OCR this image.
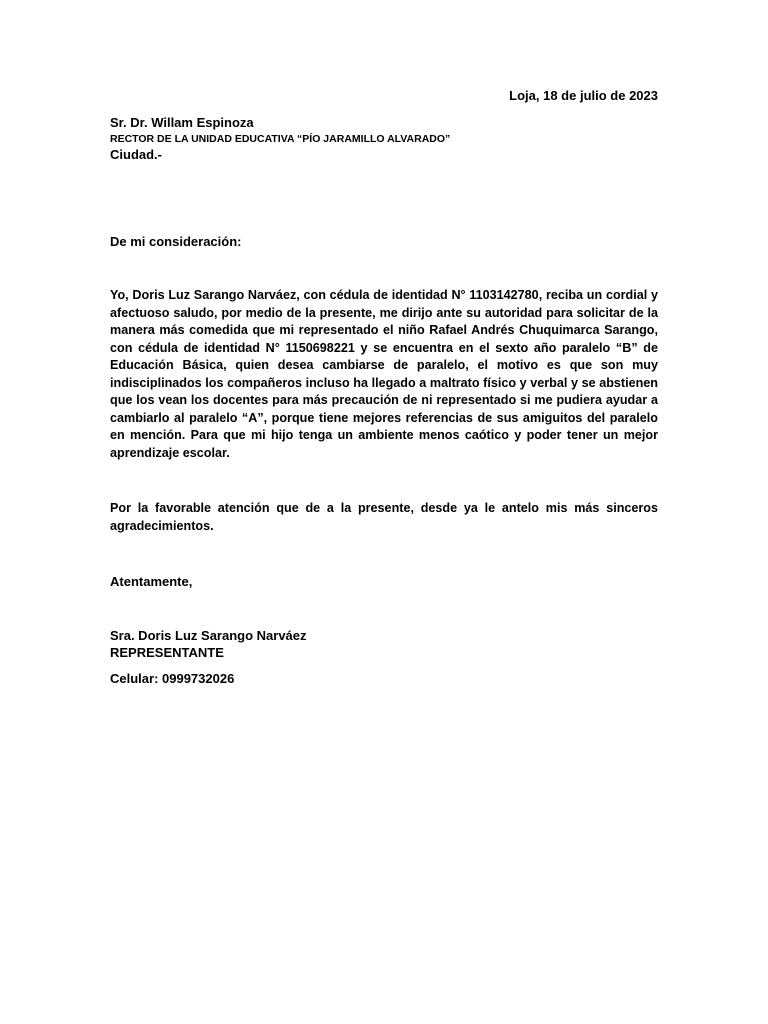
Loja, 18 de julio de 2023
Sr. Dr. Willam Espinoza
RECTOR DE LA UNIDAD EDUCATIVA “PÍO JARAMILLO ALVARADO”
Ciudad.-
De mi consideración:
Yo, Doris Luz Sarango Narváez, con cédula de identidad N° 1103142780, reciba un cordial y afectuoso saludo, por medio de la presente, me dirijo ante su autoridad para solicitar de la manera más comedida que mi representado el niño Rafael Andrés Chuquimarca Sarango, con cédula de identidad N° 1150698221 y se encuentra en el sexto año paralelo “B” de Educación Básica, quien desea cambiarse de paralelo, el motivo es que son muy indisciplinados los compañeros incluso ha llegado a maltrato físico y verbal y se abstienen que los vean los docentes para más precaución de ni representado si me pudiera ayudar a cambiarlo al paralelo “A”, porque tiene mejores referencias de sus amiguitos del paralelo en mención. Para que mi hijo tenga un ambiente menos caótico y poder tener un mejor aprendizaje escolar.
Por la favorable atención que de a la presente, desde ya le antelo mis más sinceros agradecimientos.
Atentamente,
Sra. Doris Luz Sarango Narváez
REPRESENTANTE
Celular: 0999732026
